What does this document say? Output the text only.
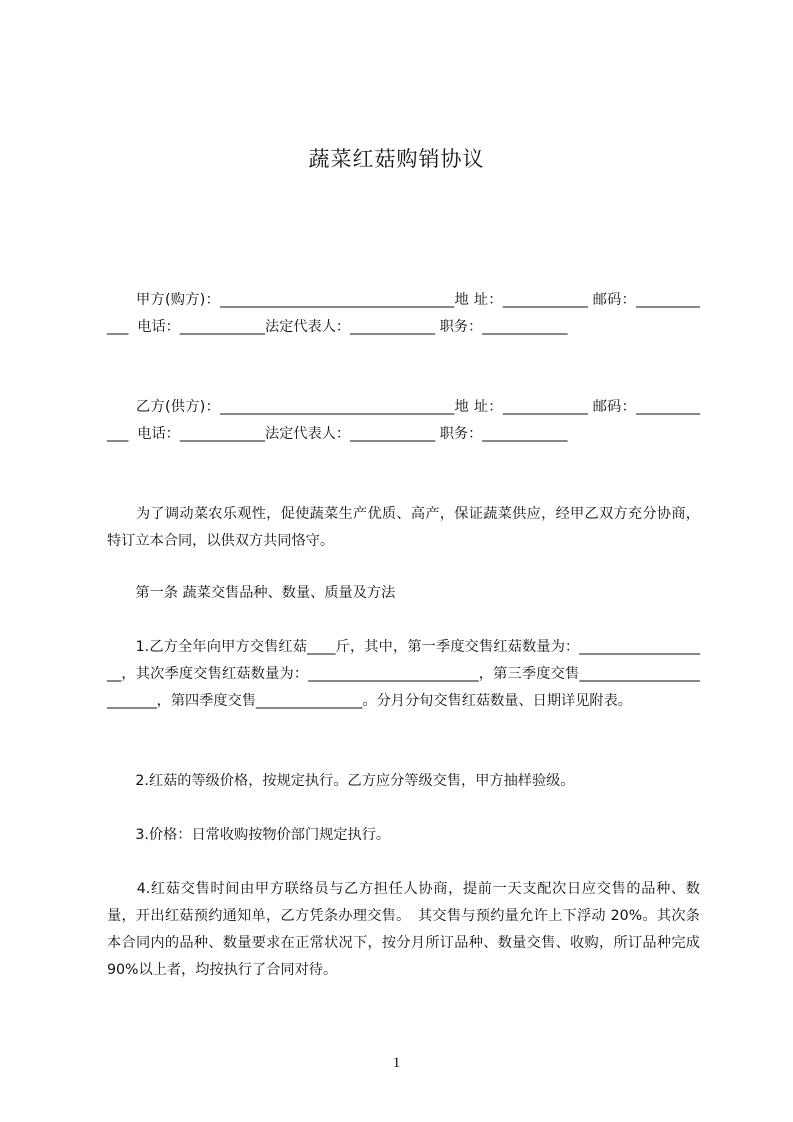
蔬菜红菇购销协议
　　甲方(购方)：_________________________________地 址：____________ 邮码：____________  电话：____________法定代表人：____________ 职务：____________
　　乙方(供方)：_________________________________地 址：____________ 邮码：____________  电话：____________法定代表人：____________ 职务：____________
　　为了调动菜农乐观性，促使蔬菜生产优质、高产，保证蔬菜供应，经甲乙双方充分协商，特订立本合同，以供双方共同恪守。
　　第一条 蔬菜交售品种、数量、质量及方法
　　1.乙方全年向甲方交售红菇____斤，其中，第一季度交售红菇数量为：___________________，其次季度交售红菇数量为：________________________，第三季度交售________________________，第四季度交售_______________。分月分旬交售红菇数量、日期详见附表。
　　2.红菇的等级价格，按规定执行。乙方应分等级交售，甲方抽样验级。
　　3.价格：日常收购按物价部门规定执行。
　　4.红菇交售时间由甲方联络员与乙方担任人协商，提前一天支配次日应交售的品种、数量，开出红菇预约通知单，乙方凭条办理交售。　其交售与预约量允许上下浮动 20%。其次条　本合同内的品种、数量要求在正常状况下，按分月所订品种、数量交售、收购，所订品种完成 90%以上者，均按执行了合同对待。
1
